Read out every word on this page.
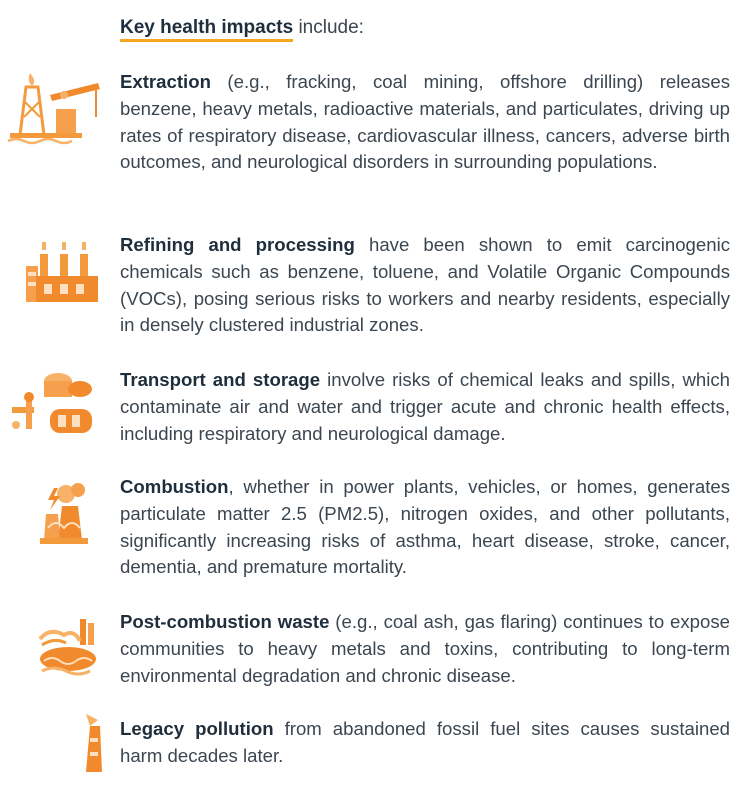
Key health impacts include:
Extraction (e.g., fracking, coal mining, offshore drilling) releases benzene, heavy metals, radioactive materials, and particulates, driving up rates of respiratory disease, cardiovascular illness, cancers, adverse birth outcomes, and neurological disorders in surrounding populations.
Refining and processing have been shown to emit carcinogenic chemicals such as benzene, toluene, and Volatile Organic Compounds (VOCs), posing serious risks to workers and nearby residents, especially in densely clustered industrial zones.
Transport and storage involve risks of chemical leaks and spills, which contaminate air and water and trigger acute and chronic health effects, including respiratory and neurological damage.
Combustion, whether in power plants, vehicles, or homes, generates particulate matter 2.5 (PM2.5), nitrogen oxides, and other pollutants, significantly increasing risks of asthma, heart disease, stroke, cancer, dementia, and premature mortality.
Post-combustion waste (e.g., coal ash, gas flaring) continues to expose communities to heavy metals and toxins, contributing to long-term environmental degradation and chronic disease.
Legacy pollution from abandoned fossil fuel sites causes sustained harm decades later.
